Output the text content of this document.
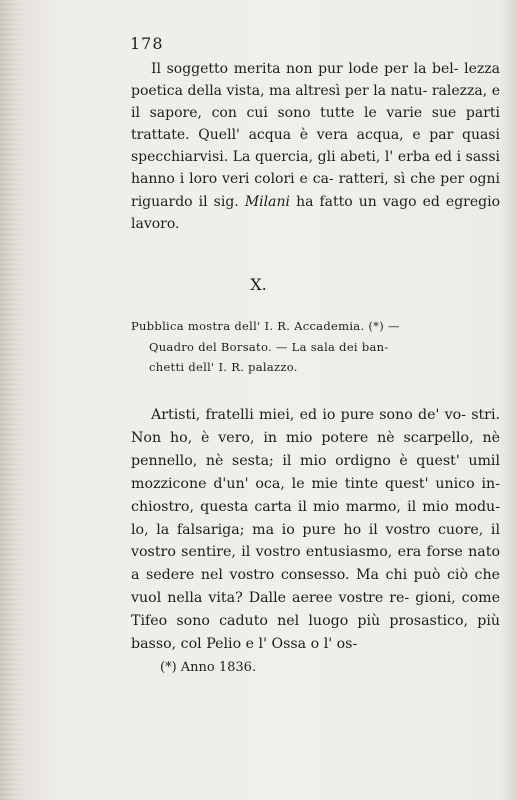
178
Il soggetto merita non pur lode per la bel- lezza poetica della vista, ma altresì per la natu- ralezza, e il sapore, con cui sono tutte le varie sue parti trattate. Quell' acqua è vera acqua, e par quasi specchiarvisi. La quercia, gli abeti, l' erba ed i sassi hanno i loro veri colori e ca- ratteri, sì che per ogni riguardo il sig. Milani ha fatto un vago ed egregio lavoro.
X.
Pubblica mostra dell' I. R. Accademia. (*) —
Quadro del Borsato. — La sala dei ban-
chetti dell' I. R. palazzo.
Artisti, fratelli miei, ed io pure sono de' vo- stri. Non ho, è vero, in mio potere nè scarpello, nè pennello, nè sesta; il mio ordigno è quest' umil mozzicone d'un' oca, le mie tinte quest' unico in- chiostro, questa carta il mio marmo, il mio modu- lo, la falsariga; ma io pure ho il vostro cuore, il vostro sentire, il vostro entusiasmo, era forse nato a sedere nel vostro consesso. Ma chi può ciò che vuol nella vita? Dalle aeree vostre re- gioni, come Tifeo sono caduto nel luogo più prosastico, più basso, col Pelio e l' Ossa o l' os-
(*) Anno 1836.
